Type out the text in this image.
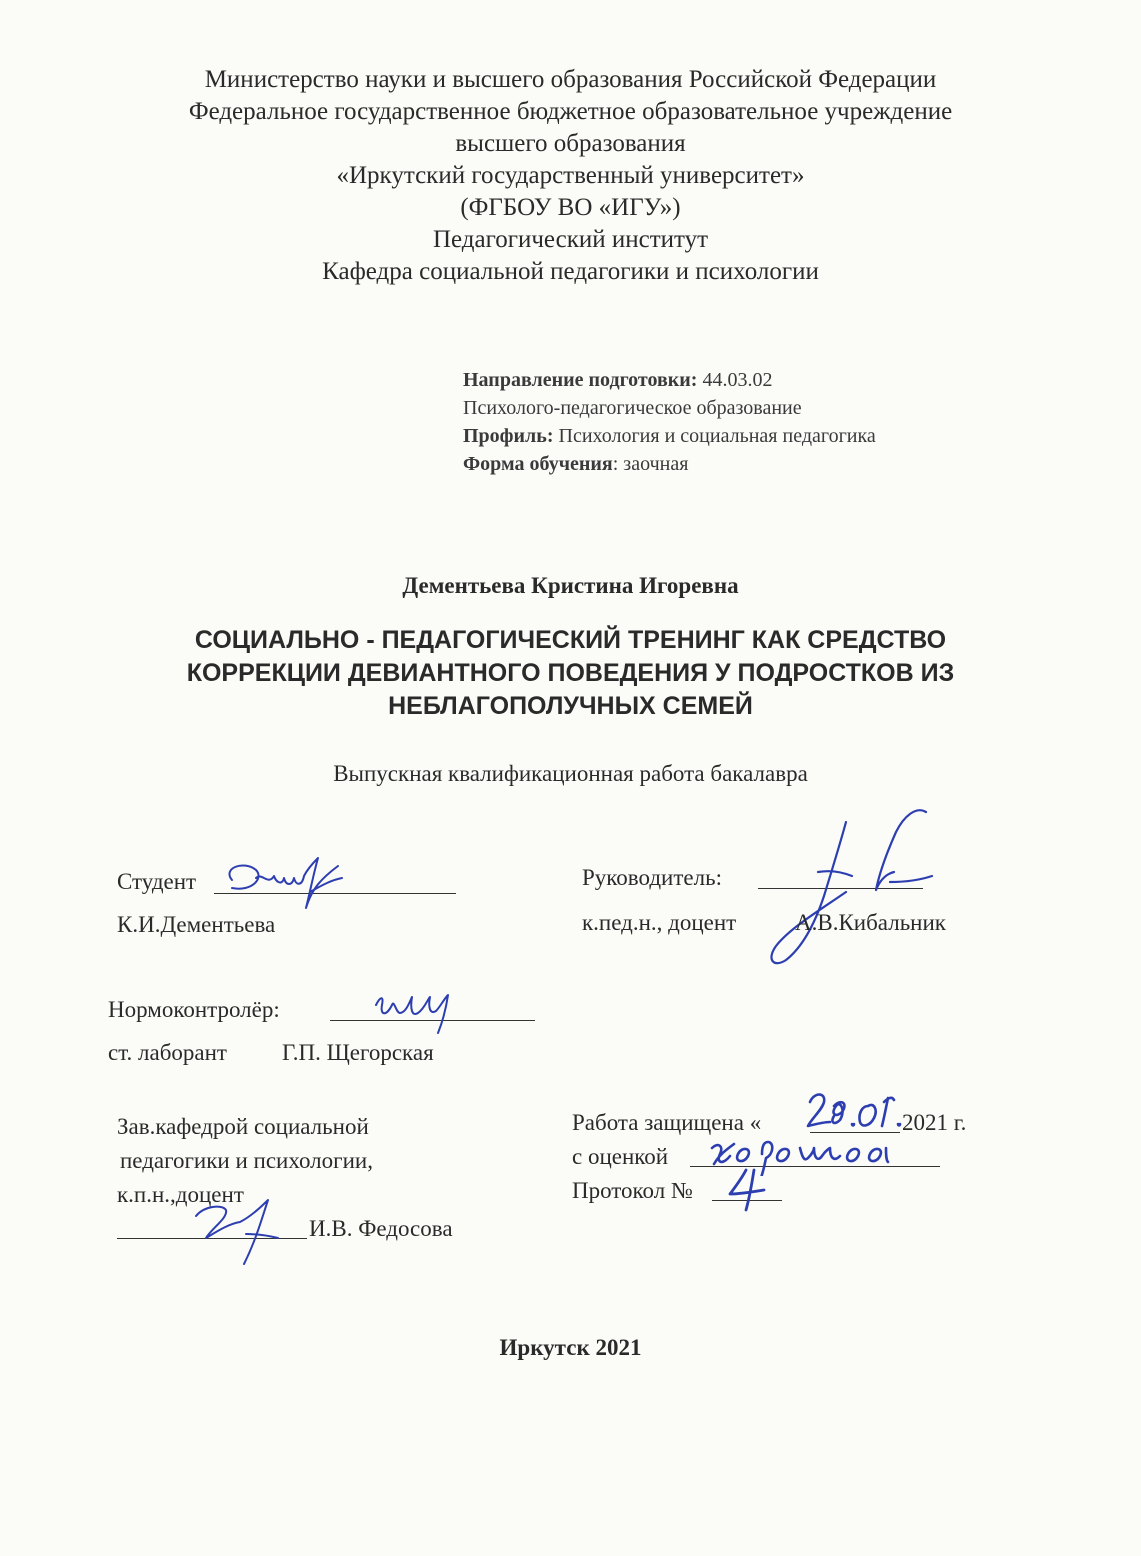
Министерство науки и высшего образования Российской Федерации
Федеральное государственное бюджетное образовательное учреждение
высшего образования
«Иркутский государственный университет»
(ФГБОУ ВО «ИГУ»)
Педагогический институт
Кафедра социальной педагогики и психологии
Направление подготовки: 44.03.02
Психолого-педагогическое образование
Профиль: Психология и социальная педагогика
Форма обучения: заочная
Дементьева Кристина Игоревна
СОЦИАЛЬНО - ПЕДАГОГИЧЕСКИЙ ТРЕНИНГ КАК СРЕДСТВО
КОРРЕКЦИИ ДЕВИАНТНОГО ПОВЕДЕНИЯ У ПОДРОСТКОВ ИЗ
НЕБЛАГОПОЛУЧНЫХ СЕМЕЙ
Выпускная квалификационная работа бакалавра
Студент
К.И.Дементьева
Руководитель:
к.пед.н., доцент	А.В.Кибальник
Нормоконтролёр:
ст. лаборант Г.П. Щегорская
Зав.кафедрой социальной
педагогики и психологии,
к.п.н.,доцент
И.В. Федосова
Работа защищена «	2021 г.
с оценкой
Протокол №
Иркутск 2021
